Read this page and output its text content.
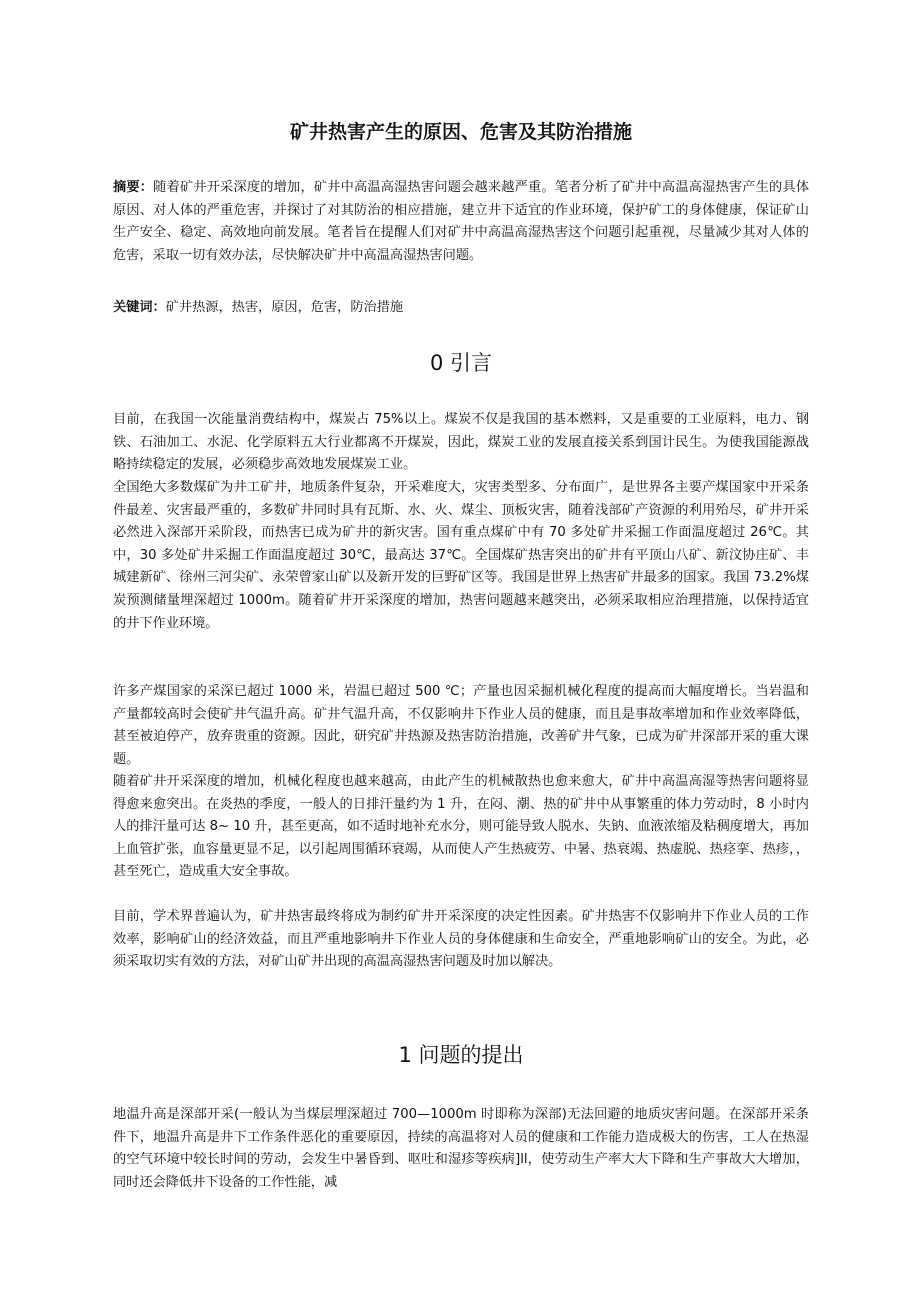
矿井热害产生的原因、危害及其防治措施

摘要：随着矿井开采深度的增加，矿井中高温高湿热害问题会越来越严重。笔者分析了矿井中高温高湿热害产生的具体原因、对人体的严重危害，并探讨了对其防治的相应措施，建立井下适宜的作业环境，保护矿工的身体健康，保证矿山生产安全、稳定、高效地向前发展。笔者旨在提醒人们对矿井中高温高湿热害这个问题引起重视，尽量减少其对人体的危害，采取一切有效办法，尽快解决矿井中高温高湿热害问题。

关键词：矿井热源，热害，原因，危害，防治措施

0 引言

目前，在我国一次能量消费结构中，煤炭占 75%以上。煤炭不仅是我国的基本燃料，又是重要的工业原料，电力、钢铁、石油加工、水泥、化学原料五大行业都离不开煤炭，因此，煤炭工业的发展直接关系到国计民生。为使我国能源战略持续稳定的发展，必须稳步高效地发展煤炭工业。

全国绝大多数煤矿为井工矿井，地质条件复杂，开采难度大，灾害类型多、分布面广，是世界各主要产煤国家中开采条件最差、灾害最严重的，多数矿井同时具有瓦斯、水、火、煤尘、顶板灾害，随着浅部矿产资源的利用殆尽，矿井开采必然进入深部开采阶段，而热害已成为矿井的新灾害。国有重点煤矿中有 70 多处矿井采掘工作面温度超过 26℃。其中，30 多处矿井采掘工作面温度超过 30℃，最高达 37℃。全国煤矿热害突出的矿井有平顶山八矿、新汶协庄矿、丰城建新矿、徐州三河尖矿、永荣曾家山矿以及新开发的巨野矿区等。我国是世界上热害矿井最多的国家。我国 73.2%煤炭预测储量埋深超过 1000m。随着矿井开采深度的增加，热害问题越来越突出，必须采取相应治理措施，以保持适宜的井下作业环境。

许多产煤国家的采深已超过 1000 米，岩温已超过 500 ℃；产量也因采掘机械化程度的提高而大幅度增长。当岩温和产量都较高时会使矿井气温升高。矿井气温升高，不仅影响井下作业人员的健康，而且是事故率增加和作业效率降低，甚至被迫停产，放弃贵重的资源。因此，研究矿井热源及热害防治措施，改善矿井气象，已成为矿井深部开采的重大课题。

随着矿井开采深度的增加，机械化程度也越来越高，由此产生的机械散热也愈来愈大，矿井中高温高湿等热害问题将显得愈来愈突出。在炎热的季度，一般人的日排汗量约为 1 升，在闷、潮、热的矿井中从事繁重的体力劳动时，8 小时内人的排汗量可达 8~ 10 升，甚至更高，如不适时地补充水分，则可能导致人脱水、失钠、血液浓缩及粘稠度增大，再加上血管扩张，血容量更显不足，以引起周围循环衰竭，从而使人产生热疲劳、中暑、热衰竭、热虚脱、热痉挛、热疹，，甚至死亡，造成重大安全事故。

目前，学术界普遍认为，矿井热害最终将成为制约矿井开采深度的决定性因素。矿井热害不仅影响井下作业人员的工作效率，影响矿山的经济效益，而且严重地影响井下作业人员的身体健康和生命安全，严重地影响矿山的安全。为此，必须采取切实有效的方法，对矿山矿井出现的高温高湿热害问题及时加以解决。

1 问题的提出

地温升高是深部开采(一般认为当煤层埋深超过 700—1000m 时即称为深部)无法回避的地质灾害问题。在深部开采条件下，地温升高是井下工作条件恶化的重要原因，持续的高温将对人员的健康和工作能力造成极大的伤害，工人在热湿的空气环境中较长时间的劳动，会发生中暑昏到、呕吐和湿疹等疾病]ll，使劳动生产率大大下降和生产事故大大增加，同时还会降低井下设备的工作性能，减
